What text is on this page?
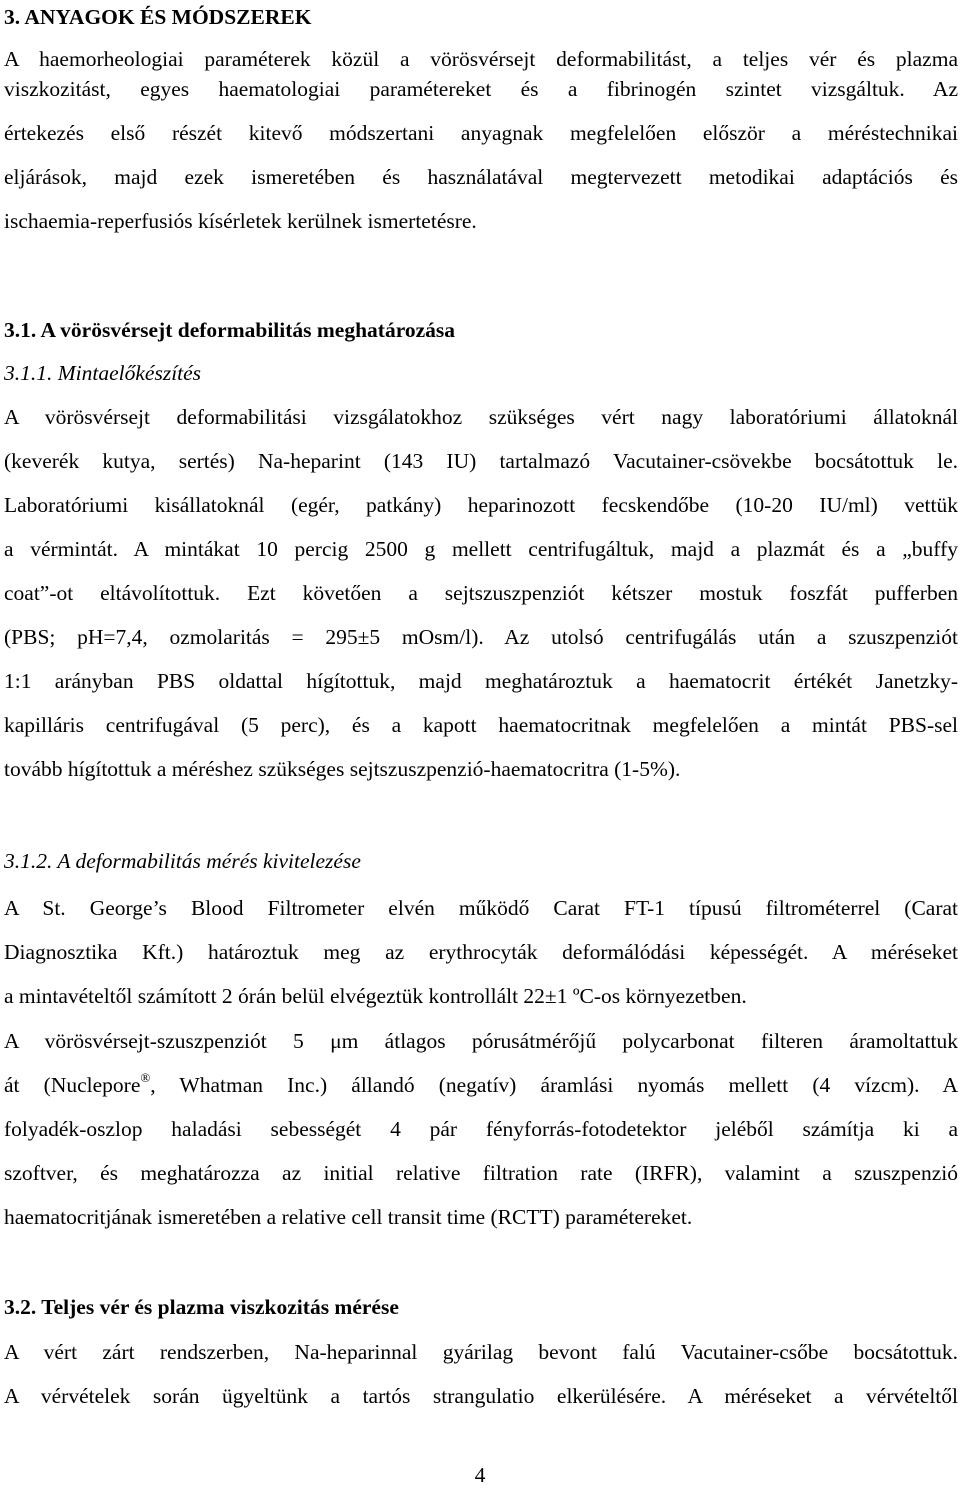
3. ANYAGOK ÉS MÓDSZEREK
A haemorheologiai paraméterek közül a vörösvérsejt deformabilitást, a teljes vér és plazma
viszkozitást, egyes haematologiai paramétereket és a fibrinogén szintet vizsgáltuk. Az
értekezés első részét kitevő módszertani anyagnak megfelelően először a méréstechnikai
eljárások, majd ezek ismeretében és használatával megtervezett metodikai adaptációs és
ischaemia-reperfusiós kísérletek kerülnek ismertetésre.
3.1. A vörösvérsejt deformabilitás meghatározása
3.1.1. Mintaelőkészítés
A vörösvérsejt deformabilitási vizsgálatokhoz szükséges vért nagy laboratóriumi állatoknál
(keverék kutya, sertés) Na-heparint (143 IU) tartalmazó Vacutainer-csövekbe bocsátottuk le.
Laboratóriumi kisállatoknál (egér, patkány) heparinozott fecskendőbe (10-20 IU/ml) vettük
a vérmintát. A mintákat 10 percig 2500 g mellett centrifugáltuk, majd a plazmát és a „buffy
coat”-ot eltávolítottuk. Ezt követően a sejtszuszpenziót kétszer mostuk foszfát pufferben
(PBS; pH=7,4, ozmolaritás = 295±5 mOsm/l). Az utolsó centrifugálás után a szuszpenziót
1:1 arányban PBS oldattal hígítottuk, majd meghatároztuk a haematocrit értékét Janetzky-
kapilláris centrifugával (5 perc), és a kapott haematocritnak megfelelően a mintát PBS-sel
tovább hígítottuk a méréshez szükséges sejtszuszpenzió-haematocritra (1-5%).
3.1.2. A deformabilitás mérés kivitelezése
A St. George’s Blood Filtrometer elvén működő Carat FT-1 típusú filtrométerrel (Carat
Diagnosztika Kft.) határoztuk meg az erythrocyták deformálódási képességét. A méréseket
a mintavételtől számított 2 órán belül elvégeztük kontrollált 22±1 ºC-os környezetben.
A vörösvérsejt-szuszpenziót 5 μm átlagos pórusátmérőjű polycarbonat filteren áramoltattuk
át (Nuclepore®, Whatman Inc.) állandó (negatív) áramlási nyomás mellett (4 vízcm). A
folyadék-oszlop haladási sebességét 4 pár fényforrás-fotodetektor jeléből számítja ki a
szoftver, és meghatározza az initial relative filtration rate (IRFR), valamint a szuszpenzió
haematocritjának ismeretében a relative cell transit time (RCTT) paramétereket.
3.2. Teljes vér és plazma viszkozitás mérése
A vért zárt rendszerben, Na-heparinnal gyárilag bevont falú Vacutainer-csőbe bocsátottuk.
A vérvételek során ügyeltünk a tartós strangulatio elkerülésére. A méréseket a vérvételtől
4
